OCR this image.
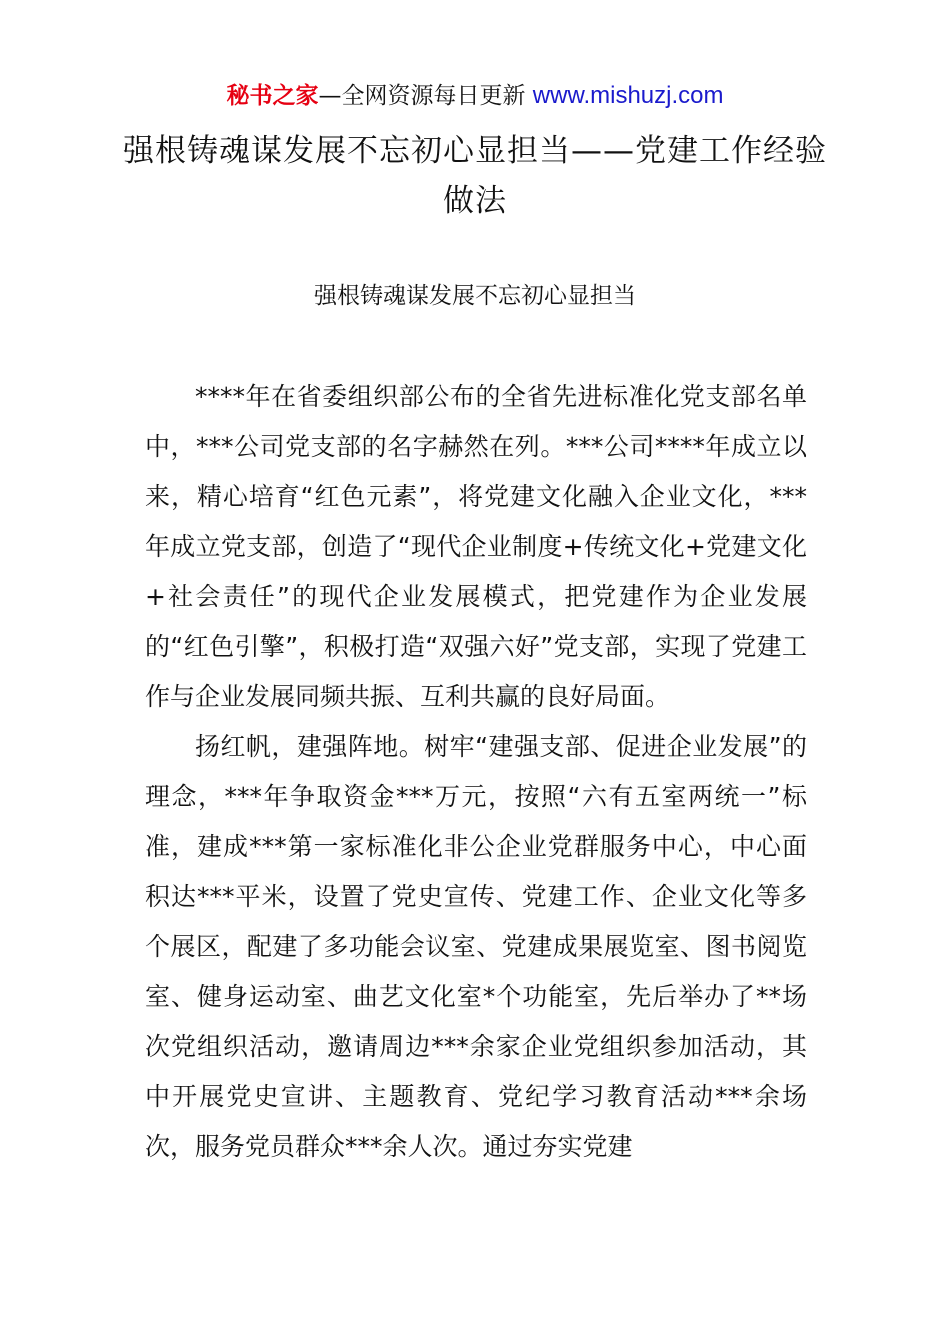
秘书之家—全网资源每日更新 www.mishuzj.com
强根铸魂谋发展不忘初心显担当——党建工作经验做法
强根铸魂谋发展不忘初心显担当

****年在省委组织部公布的全省先进标准化党支部名单中，***公司党支部的名字赫然在列。***公司****年成立以来，精心培育“红色元素”，将党建文化融入企业文化，***年成立党支部，创造了“现代企业制度+传统文化+党建文化+社会责任”的现代企业发展模式，把党建作为企业发展的“红色引擎”，积极打造“双强六好”党支部，实现了党建工作与企业发展同频共振、互利共赢的良好局面。

扬红帆，建强阵地。树牢“建强支部、促进企业发展”的理念，***年争取资金***万元，按照“六有五室两统一”标准，建成***第一家标准化非公企业党群服务中心，中心面积达***平米，设置了党史宣传、党建工作、企业文化等多个展区，配建了多功能会议室、党建成果展览室、图书阅览室、健身运动室、曲艺文化室*个功能室，先后举办了**场次党组织活动，邀请周边***余家企业党组织参加活动，其中开展党史宣讲、主题教育、党纪学习教育活动***余场次，服务党员群众***余人次。通过夯实党建
